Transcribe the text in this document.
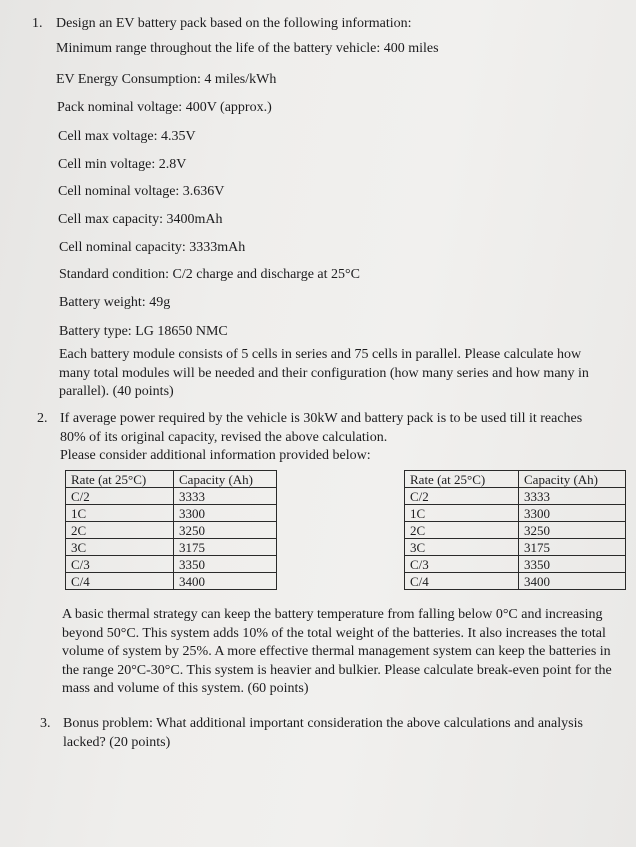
1. Design an EV battery pack based on the following information:
Minimum range throughout the life of the battery vehicle: 400 miles
EV Energy Consumption: 4 miles/kWh
Pack nominal voltage: 400V (approx.)
Cell max voltage: 4.35V
Cell min voltage: 2.8V
Cell nominal voltage: 3.636V
Cell max capacity: 3400mAh
Cell nominal capacity: 3333mAh
Standard condition: C/2 charge and discharge at 25°C
Battery weight: 49g
Battery type: LG 18650 NMC
Each battery module consists of 5 cells in series and 75 cells in parallel. Please calculate how many total modules will be needed and their configuration (how many series and how many in parallel). (40 points)
2. If average power required by the vehicle is 30kW and battery pack is to be used till it reaches 80% of its original capacity, revised the above calculation.
Please consider additional information provided below:
Rate (at 25°C)	Capacity (Ah)
C/2	3333
1C	3300
2C	3250
3C	3175
C/3	3350
C/4	3400
Rate (at 25°C)	Capacity (Ah)
C/2	3333
1C	3300
2C	3250
3C	3175
C/3	3350
C/4	3400
A basic thermal strategy can keep the battery temperature from falling below 0°C and increasing beyond 50°C. This system adds 10% of the total weight of the batteries. It also increases the total volume of system by 25%. A more effective thermal management system can keep the batteries in the range 20°C-30°C. This system is heavier and bulkier. Please calculate break-even point for the mass and volume of this system. (60 points)
3. Bonus problem: What additional important consideration the above calculations and analysis lacked? (20 points)
